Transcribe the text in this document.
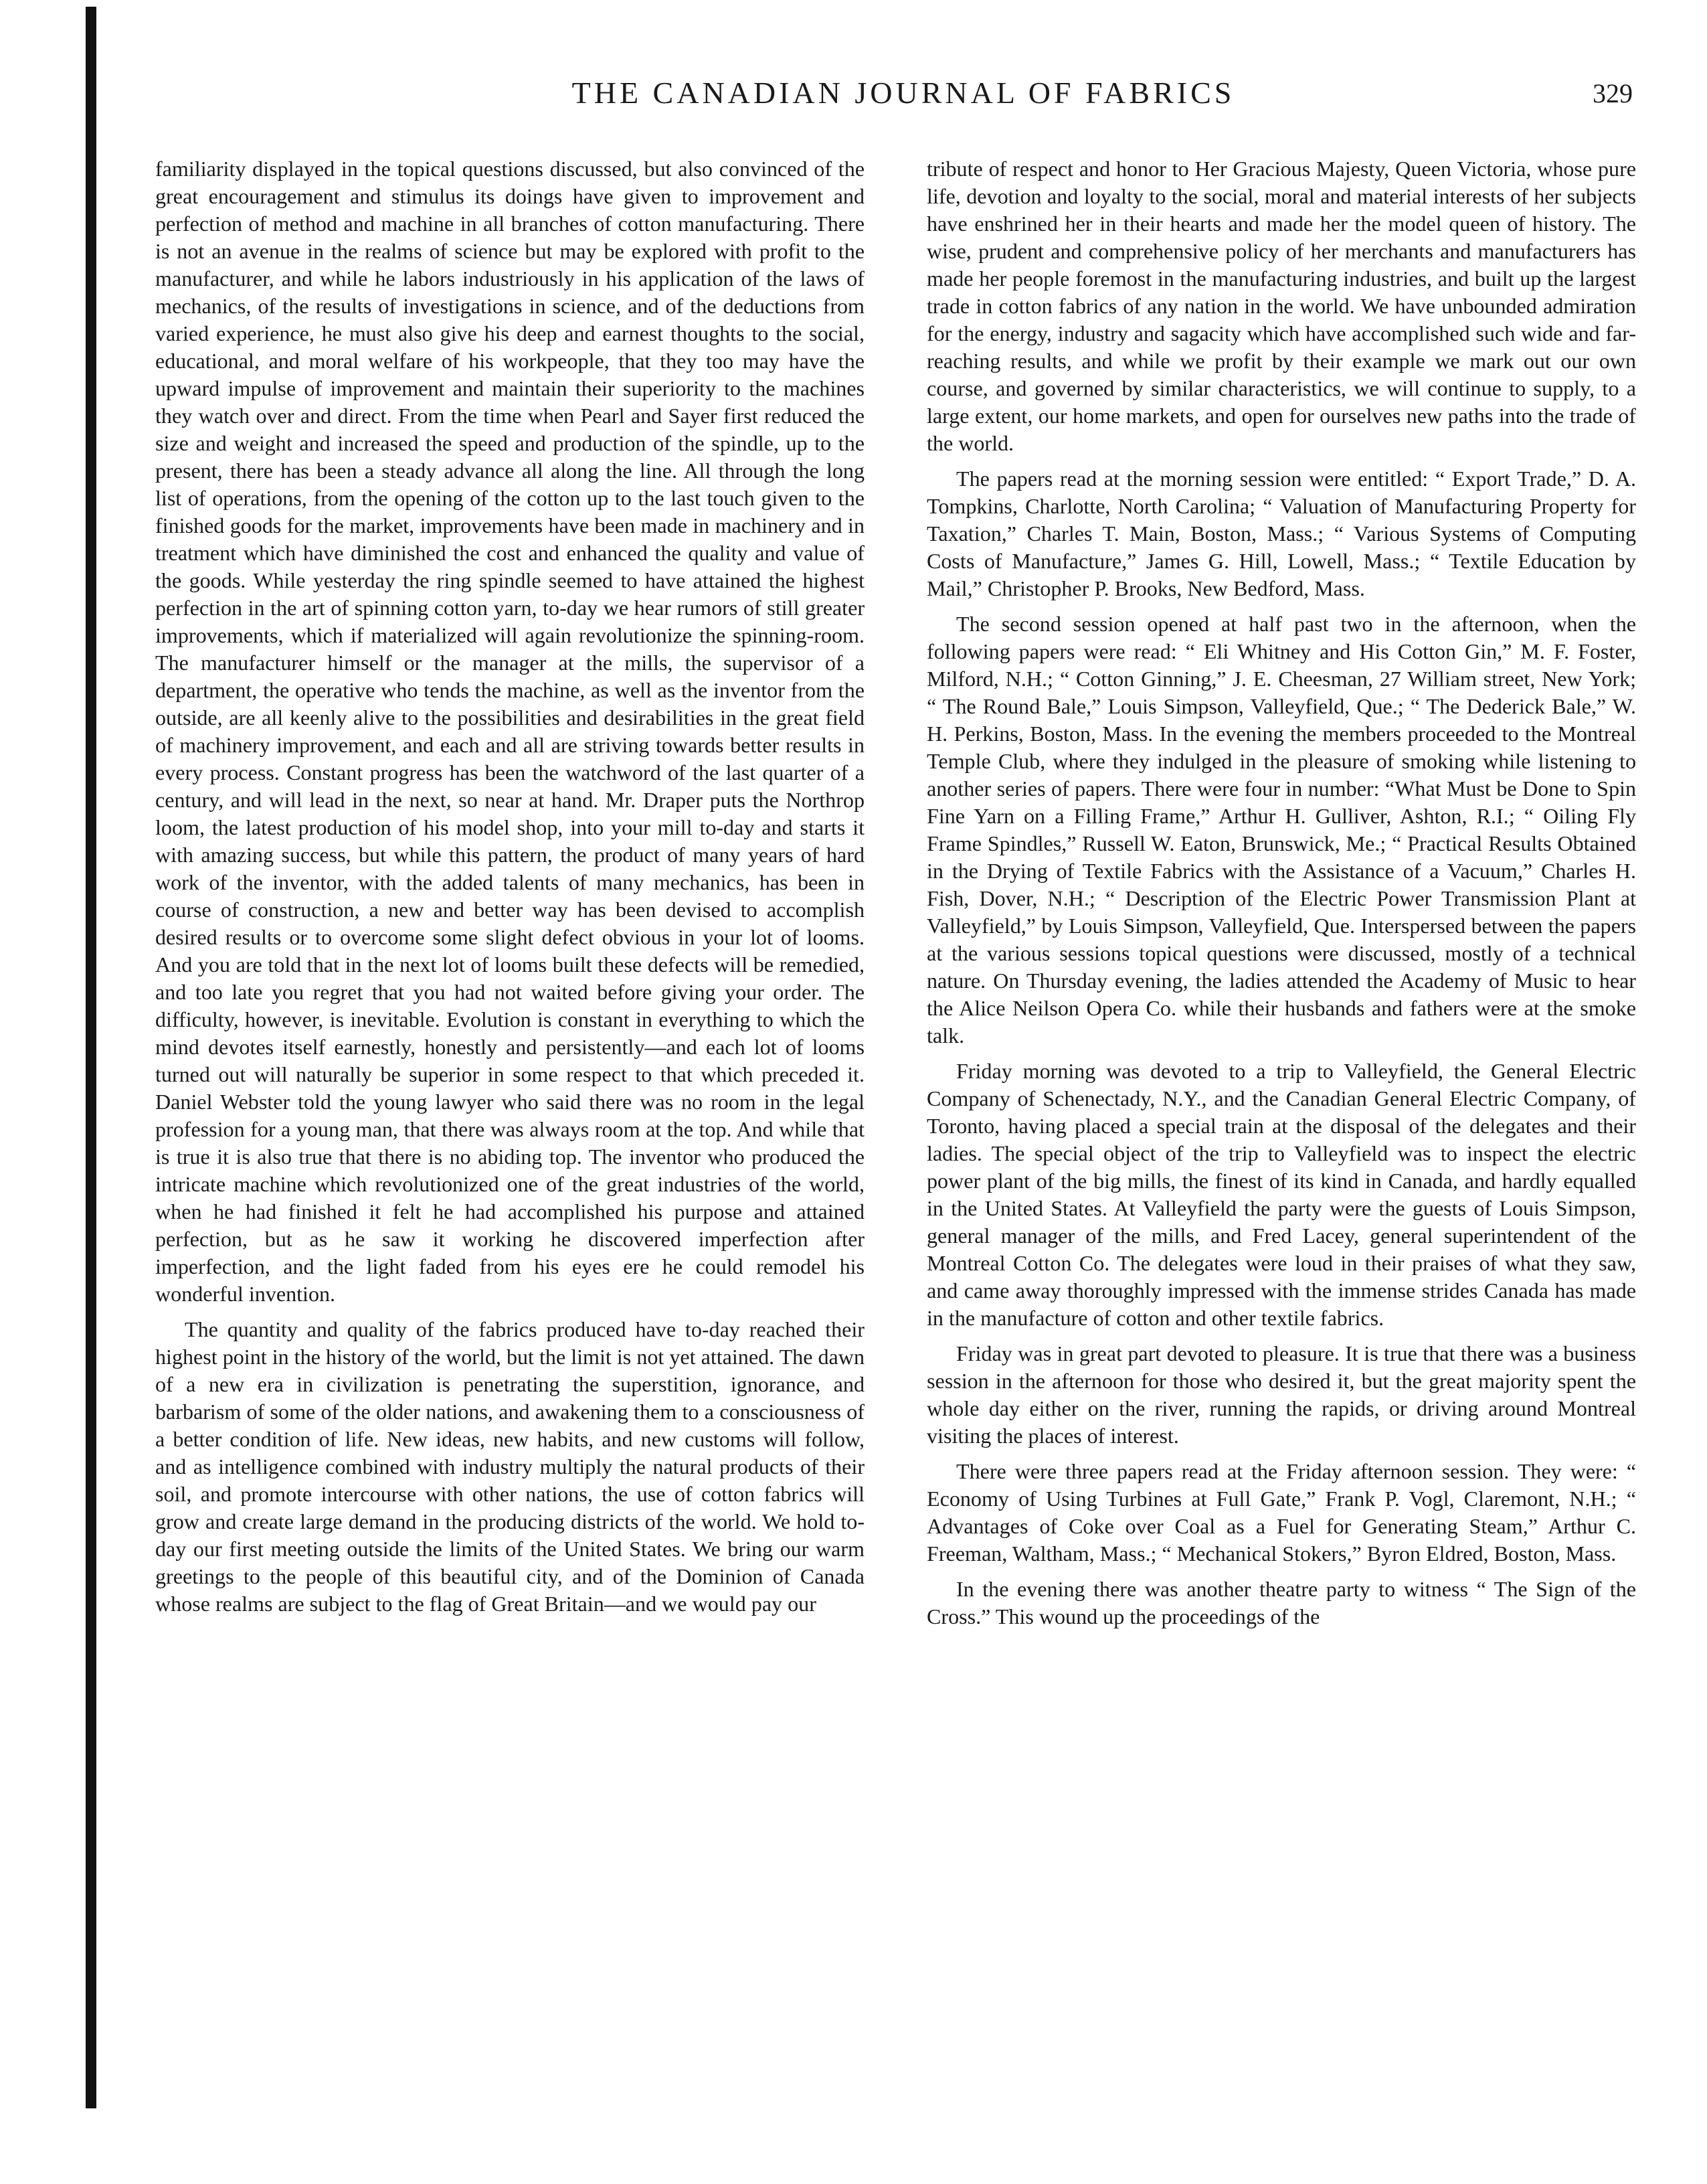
THE CANADIAN JOURNAL OF FABRICS	329

familiarity displayed in the topical questions discussed, but also convinced of the great encouragement and stimulus its doings have given to improvement and perfection of method and machine in all branches of cotton manufacturing. There is not an avenue in the realms of science but may be explored with profit to the manufacturer, and while he labors industriously in his application of the laws of mechanics, of the results of investigations in science, and of the deductions from varied experience, he must also give his deep and earnest thoughts to the social, educational, and moral welfare of his workpeople, that they too may have the upward impulse of improvement and maintain their superiority to the machines they watch over and direct. From the time when Pearl and Sayer first reduced the size and weight and increased the speed and production of the spindle, up to the present, there has been a steady advance all along the line. All through the long list of operations, from the opening of the cotton up to the last touch given to the finished goods for the market, improvements have been made in machinery and in treatment which have diminished the cost and enhanced the quality and value of the goods. While yesterday the ring spindle seemed to have attained the highest perfection in the art of spinning cotton yarn, to-day we hear rumors of still greater improvements, which if materialized will again revolutionize the spinning-room. The manufacturer himself or the manager at the mills, the supervisor of a department, the operative who tends the machine, as well as the inventor from the outside, are all keenly alive to the possibilities and desirabilities in the great field of machinery improvement, and each and all are striving towards better results in every process. Constant progress has been the watchword of the last quarter of a century, and will lead in the next, so near at hand. Mr. Draper puts the Northrop loom, the latest production of his model shop, into your mill to-day and starts it with amazing success, but while this pattern, the product of many years of hard work of the inventor, with the added talents of many mechanics, has been in course of construction, a new and better way has been devised to accomplish desired results or to overcome some slight defect obvious in your lot of looms. And you are told that in the next lot of looms built these defects will be remedied, and too late you regret that you had not waited before giving your order. The difficulty, however, is inevitable. Evolution is constant in everything to which the mind devotes itself earnestly, honestly and persistently—and each lot of looms turned out will naturally be superior in some respect to that which preceded it. Daniel Webster told the young lawyer who said there was no room in the legal profession for a young man, that there was always room at the top. And while that is true it is also true that there is no abiding top. The inventor who produced the intricate machine which revolutionized one of the great industries of the world, when he had finished it felt he had accomplished his purpose and attained perfection, but as he saw it working he discovered imperfection after imperfection, and the light faded from his eyes ere he could remodel his wonderful invention.

The quantity and quality of the fabrics produced have to-day reached their highest point in the history of the world, but the limit is not yet attained. The dawn of a new era in civilization is penetrating the superstition, ignorance, and barbarism of some of the older nations, and awakening them to a consciousness of a better condition of life. New ideas, new habits, and new customs will follow, and as intelligence combined with industry multiply the natural products of their soil, and promote intercourse with other nations, the use of cotton fabrics will grow and create large demand in the producing districts of the world. We hold to-day our first meeting outside the limits of the United States. We bring our warm greetings to the people of this beautiful city, and of the Dominion of Canada whose realms are subject to the flag of Great Britain—and we would pay our

tribute of respect and honor to Her Gracious Majesty, Queen Victoria, whose pure life, devotion and loyalty to the social, moral and material interests of her subjects have enshrined her in their hearts and made her the model queen of history. The wise, prudent and comprehensive policy of her merchants and manufacturers has made her people foremost in the manufacturing industries, and built up the largest trade in cotton fabrics of any nation in the world. We have unbounded admiration for the energy, industry and sagacity which have accomplished such wide and far-reaching results, and while we profit by their example we mark out our own course, and governed by similar characteristics, we will continue to supply, to a large extent, our home markets, and open for ourselves new paths into the trade of the world.

The papers read at the morning session were entitled: “ Export Trade,” D. A. Tompkins, Charlotte, North Carolina; “ Valuation of Manufacturing Property for Taxation,” Charles T. Main, Boston, Mass.; “ Various Systems of Computing Costs of Manufacture,” James G. Hill, Lowell, Mass.; “ Textile Education by Mail,” Christopher P. Brooks, New Bedford, Mass.

The second session opened at half past two in the afternoon, when the following papers were read: “ Eli Whitney and His Cotton Gin,” M. F. Foster, Milford, N.H.; “ Cotton Ginning,” J. E. Cheesman, 27 William street, New York; “ The Round Bale,” Louis Simpson, Valleyfield, Que.; “ The Dederick Bale,” W. H. Perkins, Boston, Mass. In the evening the members proceeded to the Montreal Temple Club, where they indulged in the pleasure of smoking while listening to another series of papers. There were four in number: “What Must be Done to Spin Fine Yarn on a Filling Frame,” Arthur H. Gulliver, Ashton, R.I.; “ Oiling Fly Frame Spindles,” Russell W. Eaton, Brunswick, Me.; “ Practical Results Obtained in the Drying of Textile Fabrics with the Assistance of a Vacuum,” Charles H. Fish, Dover, N.H.; “ Description of the Electric Power Transmission Plant at Valleyfield,” by Louis Simpson, Valleyfield, Que. Interspersed between the papers at the various sessions topical questions were discussed, mostly of a technical nature. On Thursday evening, the ladies attended the Academy of Music to hear the Alice Neilson Opera Co. while their husbands and fathers were at the smoke talk.

Friday morning was devoted to a trip to Valleyfield, the General Electric Company of Schenectady, N.Y., and the Canadian General Electric Company, of Toronto, having placed a special train at the disposal of the delegates and their ladies. The special object of the trip to Valleyfield was to inspect the electric power plant of the big mills, the finest of its kind in Canada, and hardly equalled in the United States. At Valleyfield the party were the guests of Louis Simpson, general manager of the mills, and Fred Lacey, general superintendent of the Montreal Cotton Co. The delegates were loud in their praises of what they saw, and came away thoroughly impressed with the immense strides Canada has made in the manufacture of cotton and other textile fabrics.

Friday was in great part devoted to pleasure. It is true that there was a business session in the afternoon for those who desired it, but the great majority spent the whole day either on the river, running the rapids, or driving around Montreal visiting the places of interest.

There were three papers read at the Friday afternoon session. They were: “ Economy of Using Turbines at Full Gate,” Frank P. Vogl, Claremont, N.H.; “ Advantages of Coke over Coal as a Fuel for Generating Steam,” Arthur C. Freeman, Waltham, Mass.; “ Mechanical Stokers,” Byron Eldred, Boston, Mass.

In the evening there was another theatre party to witness “ The Sign of the Cross.” This wound up the proceedings of the
